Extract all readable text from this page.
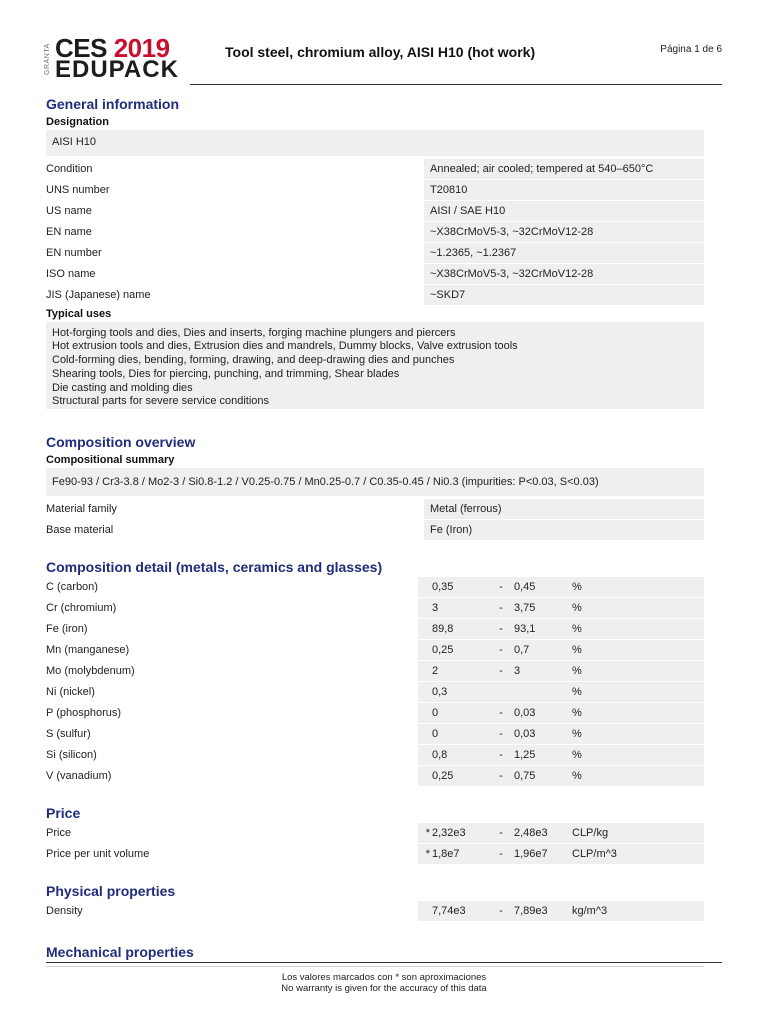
GRANTA CES 2019
EDUPACK
Tool steel, chromium alloy, AISI H10 (hot work)	Página 1 de 6
General information
Designation
AISI H10
Condition	Annealed; air cooled; tempered at 540–650°C
UNS number	T20810
US name	AISI / SAE H10
EN name	~X38CrMoV5-3, ~32CrMoV12-28
EN number	~1.2365, ~1.2367
ISO name	~X38CrMoV5-3, ~32CrMoV12-28
JIS (Japanese) name	~SKD7
Typical uses
Hot-forging tools and dies, Dies and inserts, forging machine plungers and piercers
Hot extrusion tools and dies, Extrusion dies and mandrels, Dummy blocks, Valve extrusion tools
Cold-forming dies, bending, forming, drawing, and deep-drawing dies and punches
Shearing tools, Dies for piercing, punching, and trimming, Shear blades
Die casting and molding dies
Structural parts for severe service conditions
Composition overview
Compositional summary
Fe90-93 / Cr3-3.8 / Mo2-3 / Si0.8-1.2 / V0.25-0.75 / Mn0.25-0.7 / C0.35-0.45 / Ni0.3 (impurities: P<0.03, S<0.03)
Material family	Metal (ferrous)
Base material	Fe (Iron)
Composition detail (metals, ceramics and glasses)
C (carbon)	0,35	-	0,45	%
Cr (chromium)	3	-	3,75	%
Fe (iron)	89,8	-	93,1	%
Mn (manganese)	0,25	-	0,7	%
Mo (molybdenum)	2	-	3	%
Ni (nickel)	0,3	%
P (phosphorus)	0	-	0,03	%
S (sulfur)	0	-	0,03	%
Si (silicon)	0,8	-	1,25	%
V (vanadium)	0,25	-	0,75	%
Price
Price	* 2,32e3	-	2,48e3	CLP/kg
Price per unit volume	* 1,8e7	-	1,96e7	CLP/m^3
Physical properties
Density	7,74e3	-	7,89e3	kg/m^3
Mechanical properties
Los valores marcados con * son aproximaciones
No warranty is given for the accuracy of this data
